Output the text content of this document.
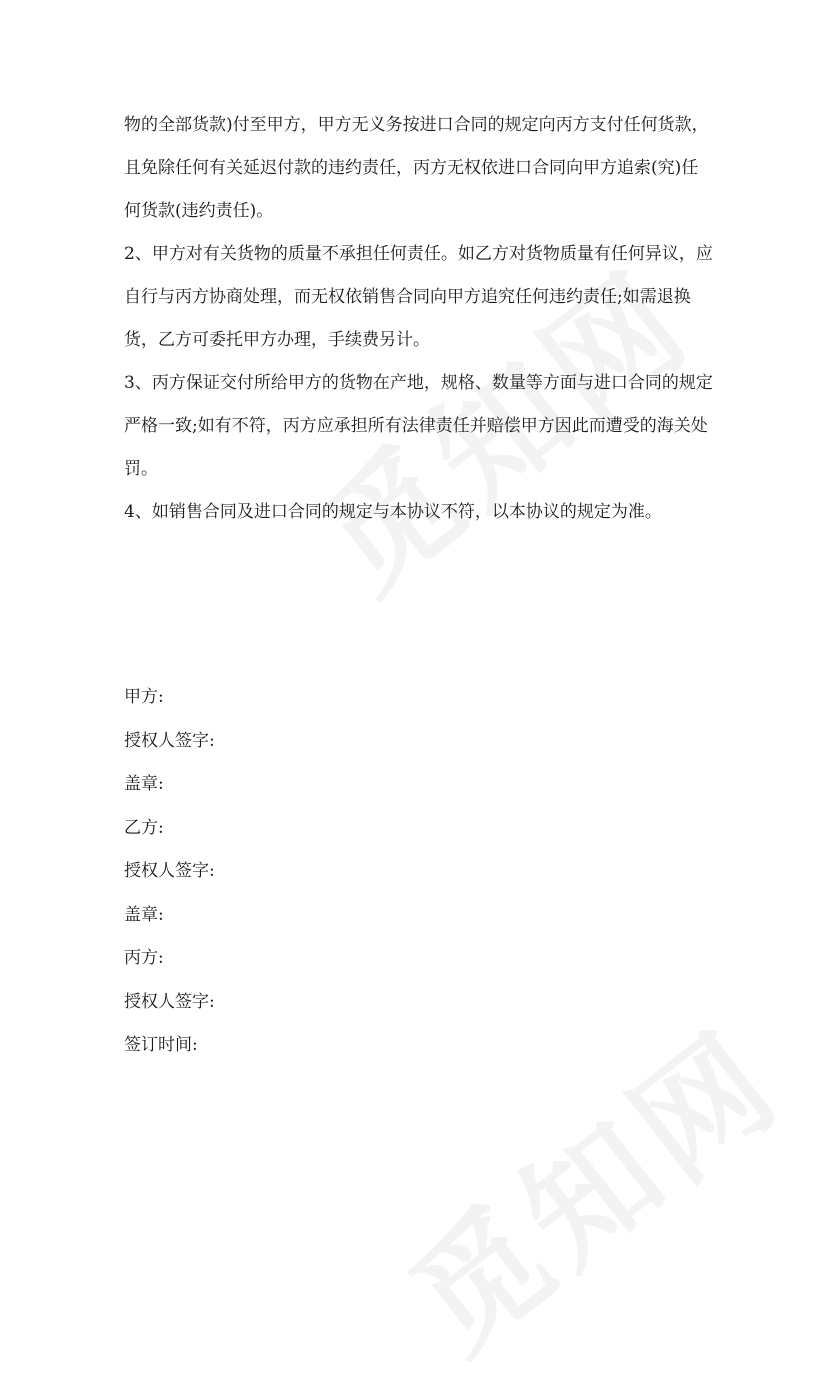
物的全部货款)付至甲方，甲方无义务按进口合同的规定向丙方支付任何货款，且免除任何有关延迟付款的违约责任，丙方无权依进口合同向甲方追索(究)任何货款(违约责任)。

2、甲方对有关货物的质量不承担任何责任。如乙方对货物质量有任何异议，应自行与丙方协商处理，而无权依销售合同向甲方追究任何违约责任;如需退换货，乙方可委托甲方办理，手续费另计。

3、丙方保证交付所给甲方的货物在产地，规格、数量等方面与进口合同的规定严格一致;如有不符，丙方应承担所有法律责任并赔偿甲方因此而遭受的海关处罚。

4、如销售合同及进口合同的规定与本协议不符，以本协议的规定为准。

甲方:
授权人签字:
盖章:
乙方:
授权人签字:
盖章:
丙方:
授权人签字:
签订时间:
